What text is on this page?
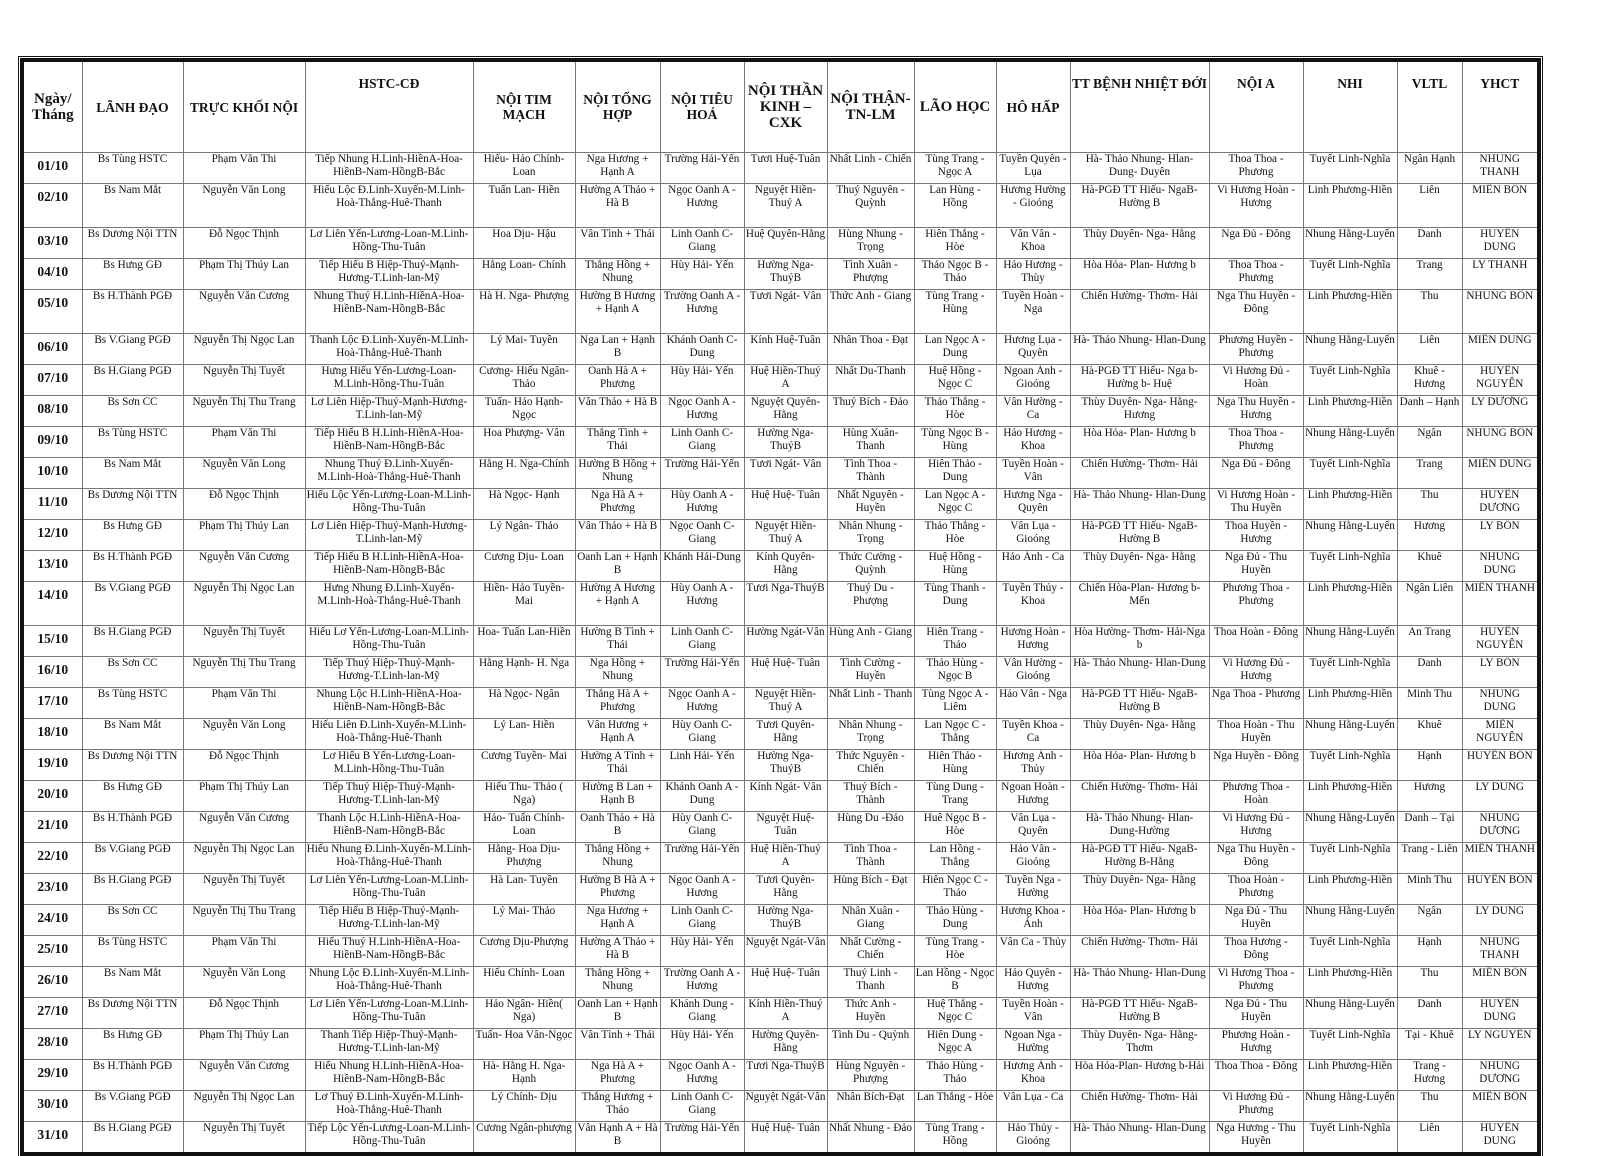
Ngày/ Tháng	LÃNH ĐẠO	TRỰC KHỐI NỘI	HSTC-CĐ	NỘI TIM MẠCH	NỘI TỔNG HỢP	NỘI TIÊU HOÁ	NỘI THẦN KINH – CXK	NỘI THẬN-TN-LM	LÃO HỌC	HÔ HẤP	TT BỆNH NHIỆT ĐỚI	NỘI A	NHI	VLTL	YHCT
01/10	Bs Tùng HSTC	Phạm Văn Thi	Tiếp Nhung H.Linh-HiềnA-Hoa-HiềnB-Nam-HồngB-Bắc	Hiếu- Hảo Chính-Loan	Nga Hương + Hạnh A	Trường Hải-Yến	Tươi Huệ-Tuân	Nhất Linh - Chiến	Tùng Trang - Ngọc A	Tuyền Quyên - Lụa	Hà- Thảo Nhung- Hlan-Dung- Duyên	Thoa Thoa - Phương	Tuyết Linh-Nghĩa	Ngân Hạnh	NHUNG THANH
02/10	Bs Nam Mắt	Nguyễn Văn Long	Hiếu Lộc Đ.Linh-Xuyến-M.Linh-Hoà-Thắng-Huê-Thanh	Tuấn Lan- Hiền	Hường A Thảo + Hà B	Ngọc Oanh A - Hương	Nguyệt Hiền-Thuý A	Thuý Nguyên - Quỳnh	Lan Hùng - Hồng	Hương Hường - Gioóng	Hà-PGĐ TT Hiếu- NgaB-Hường B	Vi Hương Hoàn - Hương	Linh Phương-Hiền	Liên	MIỀN BỐN
03/10	Bs Dương Nội TTN	Đỗ Ngọc Thịnh	Lơ Liên Yến-Lương-Loan-M.Linh-Hồng-Thu-Tuân	Hoa Dịu- Hậu	Vân Tình + Thái	Linh Oanh C-Giang	Huệ Quyên-Hằng	Hùng Nhung - Trọng	Hiên Thắng - Hòe	Vân Vân - Khoa	Thùy Duyên- Nga- Hằng	Nga Đủ - Đông	Nhung Hằng-Luyến	Danh	HUYỀN DUNG
04/10	Bs Hưng GĐ	Phạm Thị Thúy Lan	Tiếp Hiếu B Hiệp-Thuý-Mạnh-Hương-T.Linh-lan-Mỹ	Hằng Loan- Chính	Thắng Hồng + Nhung	Hùy Hải- Yến	Hường Nga-ThuýB	Tình Xuân - Phượng	Thảo Ngọc B - Thảo	Hảo Hương - Thùy	Hòa Hỏa- Plan- Hương b	Thoa Thoa - Phương	Tuyết Linh-Nghĩa	Trang	LY THANH
05/10	Bs H.Thành PGĐ	Nguyễn Văn Cương	Nhung Thuý H.Linh-HiềnA-Hoa-HiềnB-Nam-HồngB-Bắc	Hà H. Nga- Phượng	Hường B Hương + Hạnh A	Trường Oanh A -Hương	Tươi Ngát- Vân	Thức Anh - Giang	Tùng Trang - Hùng	Tuyền Hoàn - Nga	Chiến Hường- Thơm- Hải	Nga Thu Huyền - Đông	Linh Phương-Hiền	Thu	NHUNG BỐN
06/10	Bs V.Giang PGĐ	Nguyễn Thị Ngọc Lan	Thanh Lộc Đ.Linh-Xuyến-M.Linh-Hoà-Thắng-Huê-Thanh	Lý Mai- Tuyền	Nga Lan + Hạnh B	Khánh Oanh C-Dung	Kính Huệ-Tuân	Nhân Thoa - Đạt	Lan Ngọc A - Dung	Hương Lụa - Quyên	Hà- Thảo Nhung- Hlan-Dung	Phương Huyền - Phương	Nhung Hằng-Luyến	Liên	MIỀN DUNG
07/10	Bs H.Giang PGĐ	Nguyễn Thị Tuyết	Hưng Hiếu Yến-Lương-Loan-M.Linh-Hồng-Thu-Tuân	Cương- Hiếu Ngân-Thảo	Oanh Hà A + Phương	Hùy Hải- Yến	Huệ Hiền-Thuý A	Nhất Du-Thanh	Huệ Hồng - Ngọc C	Ngoan Ánh - Gioóng	Hà-PGĐ TT Hiếu- Nga b-Hường b- Huệ	Vi Hương Đủ - Hoàn	Tuyết Linh-Nghĩa	Khuê - Hương	HUYỀN NGUYÊN
08/10	Bs Sơn CC	Nguyễn Thị Thu Trang	Lơ Liên Hiệp-Thuý-Mạnh-Hương-T.Linh-lan-Mỹ	Tuấn- Hảo Hạnh-Ngọc	Vân Thảo + Hà B	Ngọc Oanh A - Hương	Nguyệt Quyên-Hằng	Thuý Bích - Đảo	Thảo Thắng - Hòe	Vân Hường - Ca	Thùy Duyên- Nga- Hằng-Hương	Nga Thu Huyền - Hương	Linh Phương-Hiền	Danh – Hạnh	LY DƯƠNG
09/10	Bs Tùng HSTC	Phạm Văn Thi	Tiếp Hiếu B H.Linh-HiềnA-Hoa-HiềnB-Nam-HồngB-Bắc	Hoa Phượng- Vân	Thắng Tình + Thái	Linh Oanh C-Giang	Hường Nga-ThuýB	Hùng Xuân-Thanh	Tùng Ngọc B - Hùng	Hảo Hương - Khoa	Hòa Hỏa- Plan- Hương b	Thoa Thoa - Phương	Nhung Hằng-Luyến	Ngân	NHUNG BỐN
10/10	Bs Nam Mắt	Nguyễn Văn Long	Nhung Thuý Đ.Linh-Xuyến-M.Linh-Hoà-Thắng-Huê-Thanh	Hằng H. Nga-Chính	Hường B Hồng + Nhung	Trường Hải-Yến	Tươi Ngát- Vân	Tình Thoa - Thành	Hiên Thảo - Dung	Tuyền Hoàn - Vân	Chiến Hường- Thơm- Hải	Nga Đủ - Đông	Tuyết Linh-Nghĩa	Trang	MIỀN DUNG
11/10	Bs Dương Nội TTN	Đỗ Ngọc Thịnh	Hiếu Lộc Yến-Lương-Loan-M.Linh-Hồng-Thu-Tuân	Hà Ngọc- Hạnh	Nga Hà A + Phương	Hùy Oanh A - Hương	Huệ Huệ- Tuân	Nhất Nguyên - Huyền	Lan Ngọc A - Ngọc C	Hương Nga - Quyên	Hà- Thảo Nhung- Hlan-Dung	Vi Hương Hoàn - Thu Huyền	Linh Phương-Hiền	Thu	HUYỀN DƯƠNG
12/10	Bs Hưng GĐ	Phạm Thị Thúy Lan	Lơ Liên Hiệp-Thuý-Mạnh-Hương-T.Linh-lan-Mỹ	Lý Ngân- Thảo	Vân Thảo + Hà B	Ngọc Oanh C-Giang	Nguyệt Hiền-Thuý A	Nhân Nhung - Trọng	Thảo Thắng - Hòe	Vân Lụa - Gioóng	Hà-PGĐ TT Hiếu- NgaB-Hường B	Thoa Huyền - Hương	Nhung Hằng-Luyến	Hương	LY BỐN
13/10	Bs H.Thành PGĐ	Nguyễn Văn Cương	Tiếp Hiếu B H.Linh-HiềnA-Hoa-HiềnB-Nam-HồngB-Bắc	Cương Dịu- Loan	Oanh Lan + Hạnh B	Khánh Hải-Dung	Kính Quyên-Hằng	Thức Cường - Quỳnh	Huệ Hồng - Hùng	Hảo Ánh - Ca	Thùy Duyên- Nga- Hằng	Nga Đủ - Thu Huyền	Tuyết Linh-Nghĩa	Khuê	NHUNG DUNG
14/10	Bs V.Giang PGĐ	Nguyễn Thị Ngọc Lan	Hưng Nhung Đ.Linh-Xuyến-M.Linh-Hoà-Thắng-Huê-Thanh	Hiền- Hảo Tuyền-Mai	Hường A Hương + Hạnh A	Hùy Oanh A - Hương	Tươi Nga-ThuýB	Thuý Du - Phượng	Tùng Thanh - Dung	Tuyền Thủy - Khoa	Chiến Hòa-Plan- Hương b-Mến	Phương Thoa - Phương	Linh Phương-Hiền	Ngân Liên	MIỀN THANH
15/10	Bs H.Giang PGĐ	Nguyễn Thị Tuyết	Hiếu Lơ Yến-Lương-Loan-M.Linh-Hồng-Thu-Tuân	Hoa- Tuấn Lan-Hiền	Hường B Tình + Thái	Linh Oanh C-Giang	Hường Ngát-Vân	Hùng Anh - Giang	Hiên Trang - Thảo	Hương Hoàn - Hương	Hòa Hường- Thơm- Hải-Nga b	Thoa Hoàn - Đông	Nhung Hằng-Luyến	An Trang	HUYỀN NGUYÊN
16/10	Bs Sơn CC	Nguyễn Thị Thu Trang	Tiếp Thuý Hiệp-Thuý-Mạnh-Hương-T.Linh-lan-Mỹ	Hằng Hạnh- H. Nga	Nga Hồng + Nhung	Trường Hải-Yến	Huệ Huệ- Tuân	Tình Cường - Huyền	Thảo Hùng - Ngọc B	Vân Hường - Gioóng	Hà- Thảo Nhung- Hlan-Dung	Vi Hương Đủ - Hương	Tuyết Linh-Nghĩa	Danh	LY BỐN
17/10	Bs Tùng HSTC	Phạm Văn Thi	Nhung Lộc H.Linh-HiềnA-Hoa-HiềnB-Nam-HồngB-Bắc	Hà Ngọc- Ngân	Thắng Hà A + Phương	Ngọc Oanh A - Hương	Nguyệt Hiền-Thuý A	Nhất Linh - Thanh	Tùng Ngọc A - Liêm	Hảo Vân - Nga	Hà-PGĐ TT Hiếu- NgaB-Hường B	Nga Thoa - Phương	Linh Phương-Hiền	Minh Thu	NHUNG DUNG
18/10	Bs Nam Mắt	Nguyễn Văn Long	Hiếu Liên Đ.Linh-Xuyến-M.Linh-Hoà-Thắng-Huê-Thanh	Lý Lan- Hiền	Vân Hương + Hạnh A	Hùy Oanh C-Giang	Tươi Quyên-Hằng	Nhân Nhung - Trọng	Lan Ngọc C - Thắng	Tuyền Khoa - Ca	Thùy Duyên- Nga- Hằng	Thoa Hoàn - Thu Huyền	Nhung Hằng-Luyến	Khuê	MIỀN NGUYÊN
19/10	Bs Dương Nội TTN	Đỗ Ngọc Thịnh	Lơ Hiếu B Yến-Lương-Loan-M.Linh-Hồng-Thu-Tuân	Cương Tuyền- Mai	Hường A Tình + Thái	Linh Hải- Yến	Hường Nga-ThuýB	Thức Nguyên - Chiến	Hiên Thảo - Hùng	Hương Ánh - Thủy	Hòa Hỏa- Plan- Hương b	Nga Huyền - Đông	Tuyết Linh-Nghĩa	Hạnh	HUYỀN BỐN
20/10	Bs Hưng GĐ	Phạm Thị Thúy Lan	Tiếp Thuý Hiệp-Thuý-Mạnh-Hương-T.Linh-lan-Mỹ	Hiếu Thu- Thảo ( Nga)	Hường B Lan + Hạnh B	Khánh Oanh A -Dung	Kính Ngát- Vân	Thuý Bích - Thành	Tùng Dung - Trang	Ngoan Hoàn - Hương	Chiến Hường- Thơm- Hải	Phương Thoa - Hoàn	Linh Phương-Hiền	Hương	LY DUNG
21/10	Bs H.Thành PGĐ	Nguyễn Văn Cương	Thanh Lộc H.Linh-HiềnA-Hoa-HiềnB-Nam-HồngB-Bắc	Hảo- Tuấn Chính-Loan	Oanh Thảo + Hà B	Hùy Oanh C-Giang	Nguyệt Huệ-Tuân	Hùng Du -Đảo	Huê Ngọc B - Hòe	Vân Lụa - Quyên	Hà- Thảo Nhung- Hlan-Dung-Hường	Vi Hương Đủ - Hương	Nhung Hằng-Luyến	Danh – Tại	NHUNG DƯƠNG
22/10	Bs V.Giang PGĐ	Nguyễn Thị Ngọc Lan	Hiếu Nhung Đ.Linh-Xuyến-M.Linh-Hoà-Thắng-Huê-Thanh	Hằng- Hoa Dịu-Phượng	Thắng Hồng + Nhung	Trường Hải-Yến	Huệ Hiền-Thuý A	Tình Thoa - Thành	Lan Hồng - Thắng	Hảo Vân - Gioóng	Hà-PGĐ TT Hiếu- NgaB-Hường B-Hằng	Nga Thu Huyền - Đông	Tuyết Linh-Nghĩa	Trang - Liên	MIỀN THANH
23/10	Bs H.Giang PGĐ	Nguyễn Thị Tuyết	Lơ Liên Yến-Lương-Loan-M.Linh-Hồng-Thu-Tuân	Hà Lan- Tuyền	Hường B Hà A + Phương	Ngọc Oanh A - Hương	Tươi Quyên-Hằng	Hùng Bích - Đạt	Hiên Ngọc C - Thảo	Tuyền Nga - Hường	Thùy Duyên- Nga- Hằng	Thoa Hoàn - Phương	Linh Phương-Hiền	Minh Thu	HUYỀN BỐN
24/10	Bs Sơn CC	Nguyễn Thị Thu Trang	Tiếp Hiếu B Hiệp-Thuý-Mạnh-Hương-T.Linh-lan-Mỹ	Lý Mai- Thảo	Nga Hương + Hạnh A	Linh Oanh C-Giang	Hường Nga-ThuýB	Nhân Xuân - Giang	Thảo Hùng - Dung	Hương Khoa - Ánh	Hòa Hỏa- Plan- Hương b	Nga Đủ - Thu Huyền	Nhung Hằng-Luyến	Ngân	LY DUNG
25/10	Bs Tùng HSTC	Phạm Văn Thi	Hiếu Thuý H.Linh-HiềnA-Hoa-HiềnB-Nam-HồngB-Bắc	Cương Dịu-Phượng	Hường A Thảo + Hà B	Hùy Hải- Yến	Nguyệt Ngát-Vân	Nhất Cường - Chiến	Tùng Trang - Hòe	Vân Ca - Thủy	Chiến Hường- Thơm- Hải	Thoa Hương - Đông	Tuyết Linh-Nghĩa	Hạnh	NHUNG THANH
26/10	Bs Nam Mắt	Nguyễn Văn Long	Nhung Lộc Đ.Linh-Xuyến-M.Linh-Hoà-Thắng-Huê-Thanh	Hiếu Chính- Loan	Thắng Hồng + Nhung	Trường Oanh A -Hương	Huệ Huệ- Tuân	Thuý Linh - Thanh	Lan Hồng - Ngọc B	Hảo Quyên - Hương	Hà- Thảo Nhung- Hlan-Dung	Vi Hương Thoa - Phương	Linh Phương-Hiền	Thu	MIỀN BỐN
27/10	Bs Dương Nội TTN	Đỗ Ngọc Thịnh	Lơ Liên Yến-Lương-Loan-M.Linh-Hồng-Thu-Tuân	Hảo Ngân- Hiền( Nga)	Oanh Lan + Hạnh B	Khánh Dung - Giang	Kính Hiền-Thuý A	Thức Anh - Huyền	Huệ Thắng - Ngọc C	Tuyền Hoàn - Vân	Hà-PGĐ TT Hiếu- NgaB-Hường B	Nga Đủ - Thu Huyền	Nhung Hằng-Luyến	Danh	HUYỀN DUNG
28/10	Bs Hưng GĐ	Phạm Thị Thúy Lan	Thanh Tiếp Hiệp-Thuý-Mạnh-Hương-T.Linh-lan-Mỹ	Tuấn- Hoa Vân-Ngọc	Vân Tình + Thái	Hùy Hải- Yến	Hường Quyên-Hằng	Tình Du - Quỳnh	Hiên Dung - Ngọc A	Ngoan Nga - Hường	Thùy Duyên- Nga- Hằng-Thơm	Phương Hoàn - Hương	Tuyết Linh-Nghĩa	Tại - Khuê	LY NGUYÊN
29/10	Bs H.Thành PGĐ	Nguyễn Văn Cương	Hiếu Nhung H.Linh-HiềnA-Hoa-HiềnB-Nam-HồngB-Bắc	Hà- Hằng H. Nga-Hạnh	Nga Hà A + Phương	Ngọc Oanh A - Hương	Tươi Nga-ThuýB	Hùng Nguyên - Phượng	Thảo Hùng - Thảo	Hương Ánh - Khoa	Hòa Hỏa-Plan- Hương b-Hải	Thoa Thoa - Đông	Linh Phương-Hiền	Trang - Hương	NHUNG DƯƠNG
30/10	Bs V.Giang PGĐ	Nguyễn Thị Ngọc Lan	Lơ Thuý Đ.Linh-Xuyến-M.Linh-Hoà-Thắng-Huê-Thanh	Lý Chính- Dịu	Thắng Hương + Thảo	Linh Oanh C-Giang	Nguyệt Ngát-Vân	Nhân Bích-Đạt	Lan Thắng - Hòe	Vân Lụa - Ca	Chiến Hường- Thơm- Hải	Vi Hương Đủ - Phương	Nhung Hằng-Luyến	Thu	MIỀN BỐN
31/10	Bs H.Giang PGĐ	Nguyễn Thị Tuyết	Tiếp Lộc Yến-Lương-Loan-M.Linh-Hồng-Thu-Tuân	Cương Ngân-phượng	Vân Hạnh A + Hà B	Trường Hải-Yến	Huệ Huệ- Tuân	Nhất Nhung - Đảo	Tùng Trang - Hồng	Hảo Thủy - Gioóng	Hà- Thảo Nhung- Hlan-Dung	Nga Hương - Thu Huyền	Tuyết Linh-Nghĩa	Liên	HUYỀN DUNG
